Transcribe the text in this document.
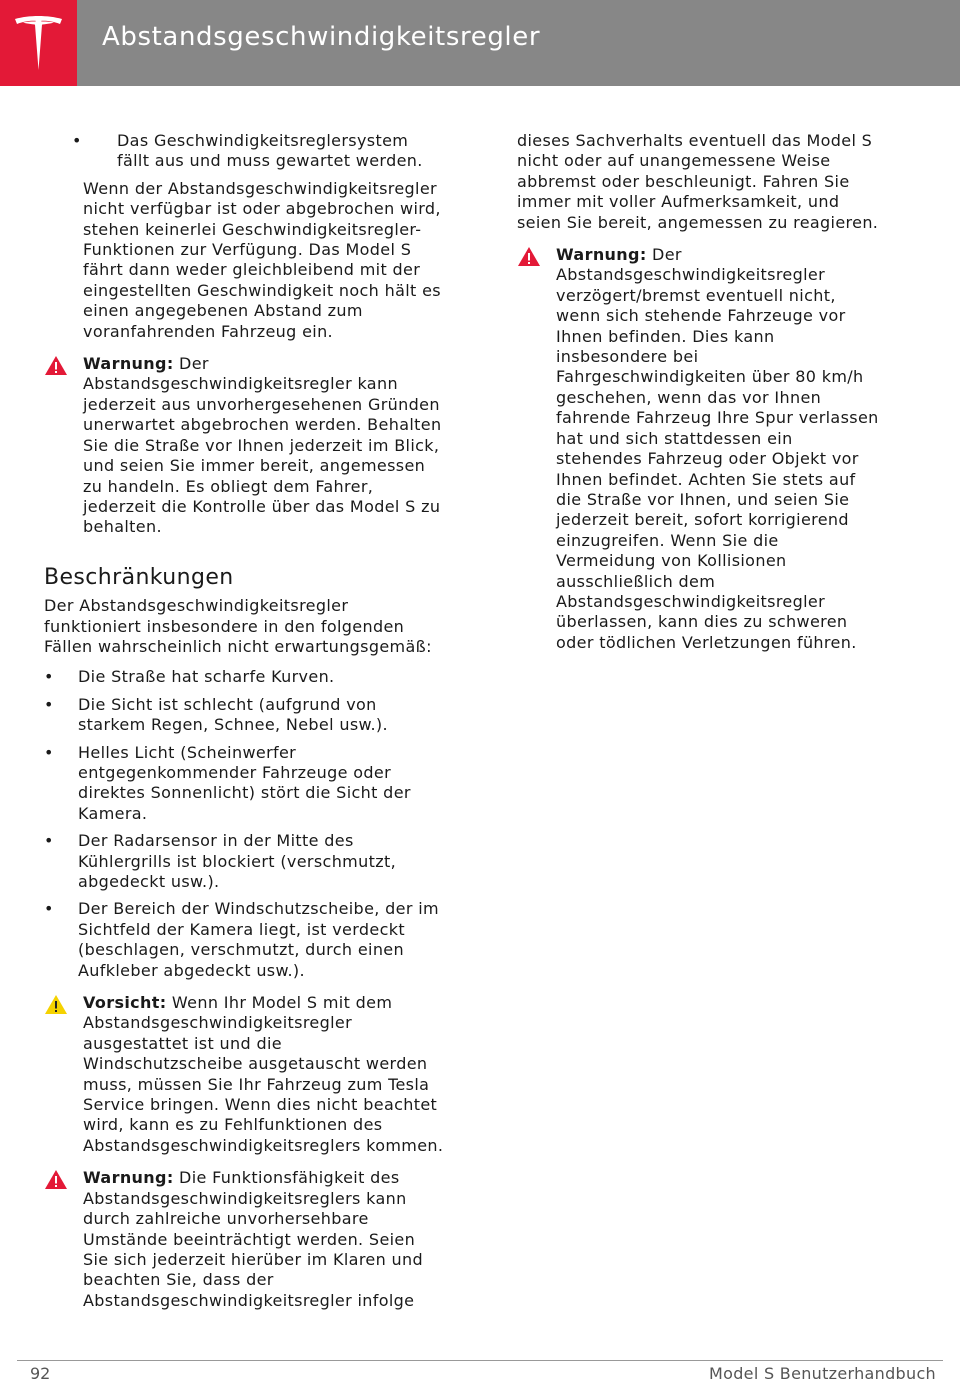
Abstandsgeschwindigkeitsregler
• Das Geschwindigkeitsreglersystem fällt aus und muss gewartet werden.

Wenn der Abstandsgeschwindigkeitsregler nicht verfügbar ist oder abgebrochen wird, stehen keinerlei Geschwindigkeitsregler-Funktionen zur Verfügung. Das Model S fährt dann weder gleichbleibend mit der eingestellten Geschwindigkeit noch hält es einen angegebenen Abstand zum voranfahrenden Fahrzeug ein.

Warnung: Der Abstandsgeschwindigkeitsregler kann jederzeit aus unvorhergesehenen Gründen unerwartet abgebrochen werden. Behalten Sie die Straße vor Ihnen jederzeit im Blick, und seien Sie immer bereit, angemessen zu handeln. Es obliegt dem Fahrer, jederzeit die Kontrolle über das Model S zu behalten.
Beschränkungen

Der Abstandsgeschwindigkeitsregler funktioniert insbesondere in den folgenden Fällen wahrscheinlich nicht erwartungsgemäß:

• Die Straße hat scharfe Kurven.
• Die Sicht ist schlecht (aufgrund von starkem Regen, Schnee, Nebel usw.).
• Helles Licht (Scheinwerfer entgegenkommender Fahrzeuge oder direktes Sonnenlicht) stört die Sicht der Kamera.
• Der Radarsensor in der Mitte des Kühlergrills ist blockiert (verschmutzt, abgedeckt usw.).
• Der Bereich der Windschutzscheibe, der im Sichtfeld der Kamera liegt, ist verdeckt (beschlagen, verschmutzt, durch einen Aufkleber abgedeckt usw.).
Vorsicht: Wenn Ihr Model S mit dem Abstandsgeschwindigkeitsregler ausgestattet ist und die Windschutzscheibe ausgetauscht werden muss, müssen Sie Ihr Fahrzeug zum Tesla Service bringen. Wenn dies nicht beachtet wird, kann es zu Fehlfunktionen des Abstandsgeschwindigkeitsreglers kommen.
Warnung: Die Funktionsfähigkeit des Abstandsgeschwindigkeitsreglers kann durch zahlreiche unvorhersehbare Umstände beeinträchtigt werden. Seien Sie sich jederzeit hierüber im Klaren und beachten Sie, dass der Abstandsgeschwindigkeitsregler infolge

dieses Sachverhalts eventuell das Model S nicht oder auf unangemessene Weise abbremst oder beschleunigt. Fahren Sie immer mit voller Aufmerksamkeit, und seien Sie bereit, angemessen zu reagieren.

Warnung: Der Abstandsgeschwindigkeitsregler verzögert/bremst eventuell nicht, wenn sich stehende Fahrzeuge vor Ihnen befinden. Dies kann insbesondere bei Fahrgeschwindigkeiten über 80 km/h geschehen, wenn das vor Ihnen fahrende Fahrzeug Ihre Spur verlassen hat und sich stattdessen ein stehendes Fahrzeug oder Objekt vor Ihnen befindet. Achten Sie stets auf die Straße vor Ihnen, und seien Sie jederzeit bereit, sofort korrigierend einzugreifen. Wenn Sie die Vermeidung von Kollisionen ausschließlich dem Abstandsgeschwindigkeitsregler überlassen, kann dies zu schweren oder tödlichen Verletzungen führen.
92	Model S Benutzerhandbuch
